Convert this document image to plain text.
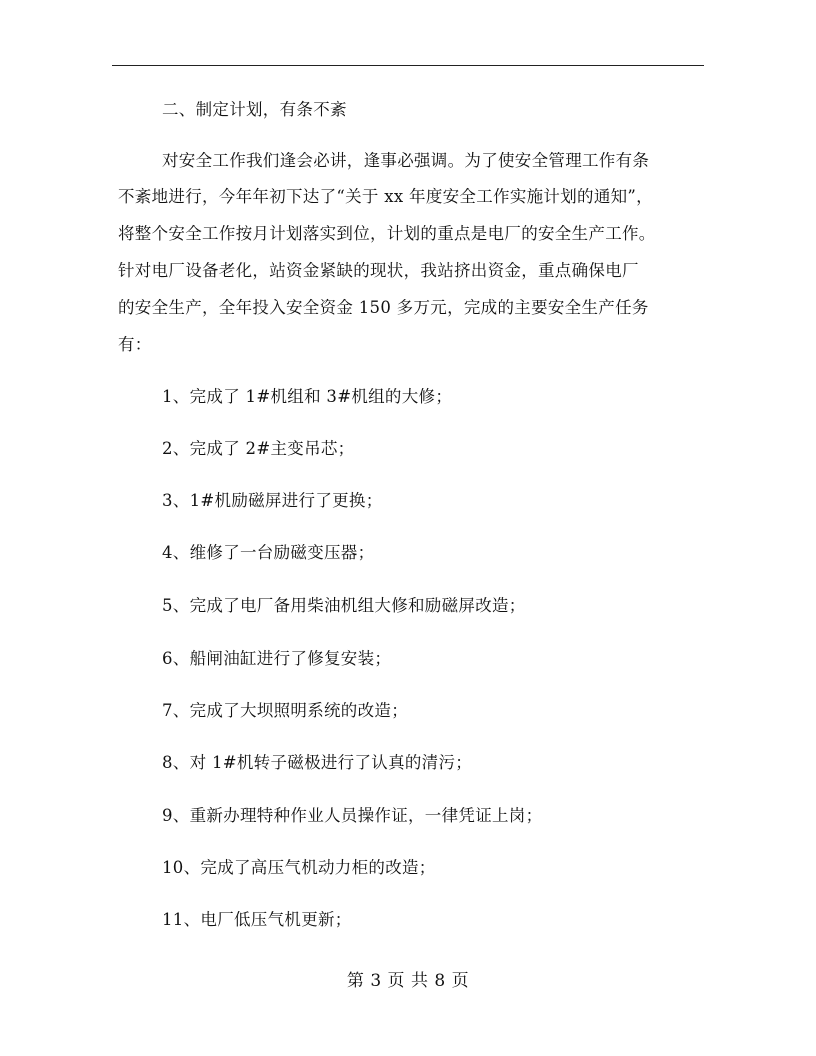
二、制定计划，有条不紊
对安全工作我们逢会必讲，逢事必强调。为了使安全管理工作有条
不紊地进行，今年年初下达了“关于 xx 年度安全工作实施计划的通知”，
将整个安全工作按月计划落实到位，计划的重点是电厂的安全生产工作。
针对电厂设备老化，站资金紧缺的现状，我站挤出资金，重点确保电厂
的安全生产，全年投入安全资金 150 多万元，完成的主要安全生产任务
有：
1、完成了 1#机组和 3#机组的大修；
2、完成了 2#主变吊芯；
3、1#机励磁屏进行了更换；
4、维修了一台励磁变压器；
5、完成了电厂备用柴油机组大修和励磁屏改造；
6、船闸油缸进行了修复安装；
7、完成了大坝照明系统的改造；
8、对 1#机转子磁极进行了认真的清污；
9、重新办理特种作业人员操作证，一律凭证上岗；
10、完成了高压气机动力柜的改造；
11、电厂低压气机更新；
第 3 页 共 8 页
